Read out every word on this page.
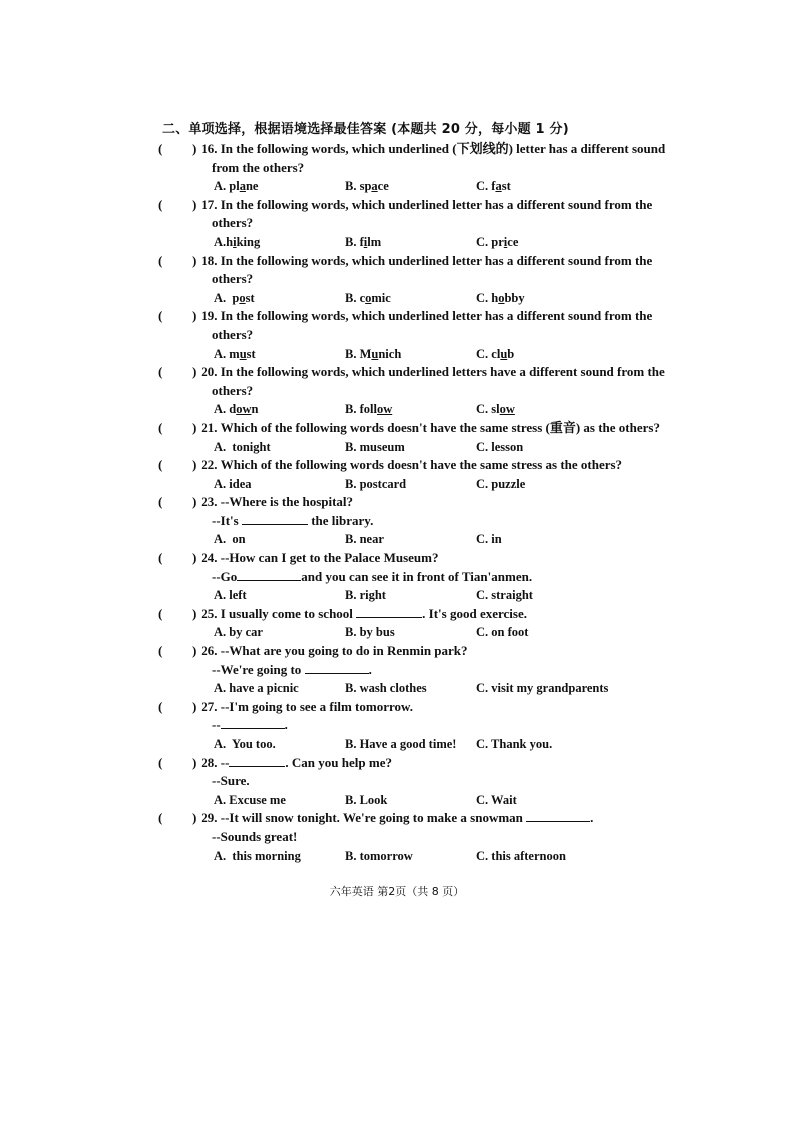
二、单项选择，根据语境选择最佳答案 (本题共 20 分，每小题 1 分)
(	) 16. In the following words, which underlined (下划线的) letter has a different sound
from the others?
A. plane	B. space	C. fast
(	) 17. In the following words, which underlined letter has a different sound from the
others?
A.hiking	B. film	C. price
(	) 18. In the following words, which underlined letter has a different sound from the
others?
A.  post	B. comic	C. hobby
(	) 19. In the following words, which underlined letter has a different sound from the
others?
A. must	B. Munich	C. club
(	) 20. In the following words, which underlined letters have a different sound from the
others?
A. down	B. follow	C. slow
(	) 21. Which of the following words doesn't have the same stress (重音) as the others?
A.  tonight	B. museum	C. lesson
(	) 22. Which of the following words doesn't have the same stress as the others?
A. idea	B. postcard	C. puzzle
(	) 23. --Where is the hospital?
--It's	the library.
A.  on	B. near	C. in
(	) 24. --How can I get to the Palace Museum?
--Go	and you can see it in front of Tian'anmen.
A. left	B. right	C. straight
(	) 25. I usually come to school	. It's good exercise.
A. by car	B. by bus	C. on foot
(	) 26. --What are you going to do in Renmin park?
--We're going to	.
A. have a picnic	B. wash clothes	C. visit my grandparents
(	) 27. --I'm going to see a film tomorrow.
--	.
A.  You too.	B. Have a good time!	C. Thank you.
(	) 28. --	. Can you help me?
--Sure.
A. Excuse me	B. Look	C. Wait
(	) 29. --It will snow tonight. We're going to make a snowman	.
--Sounds great!
A.  this morning	B. tomorrow	C. this afternoon
六年英语 第2页（共 8 页）
